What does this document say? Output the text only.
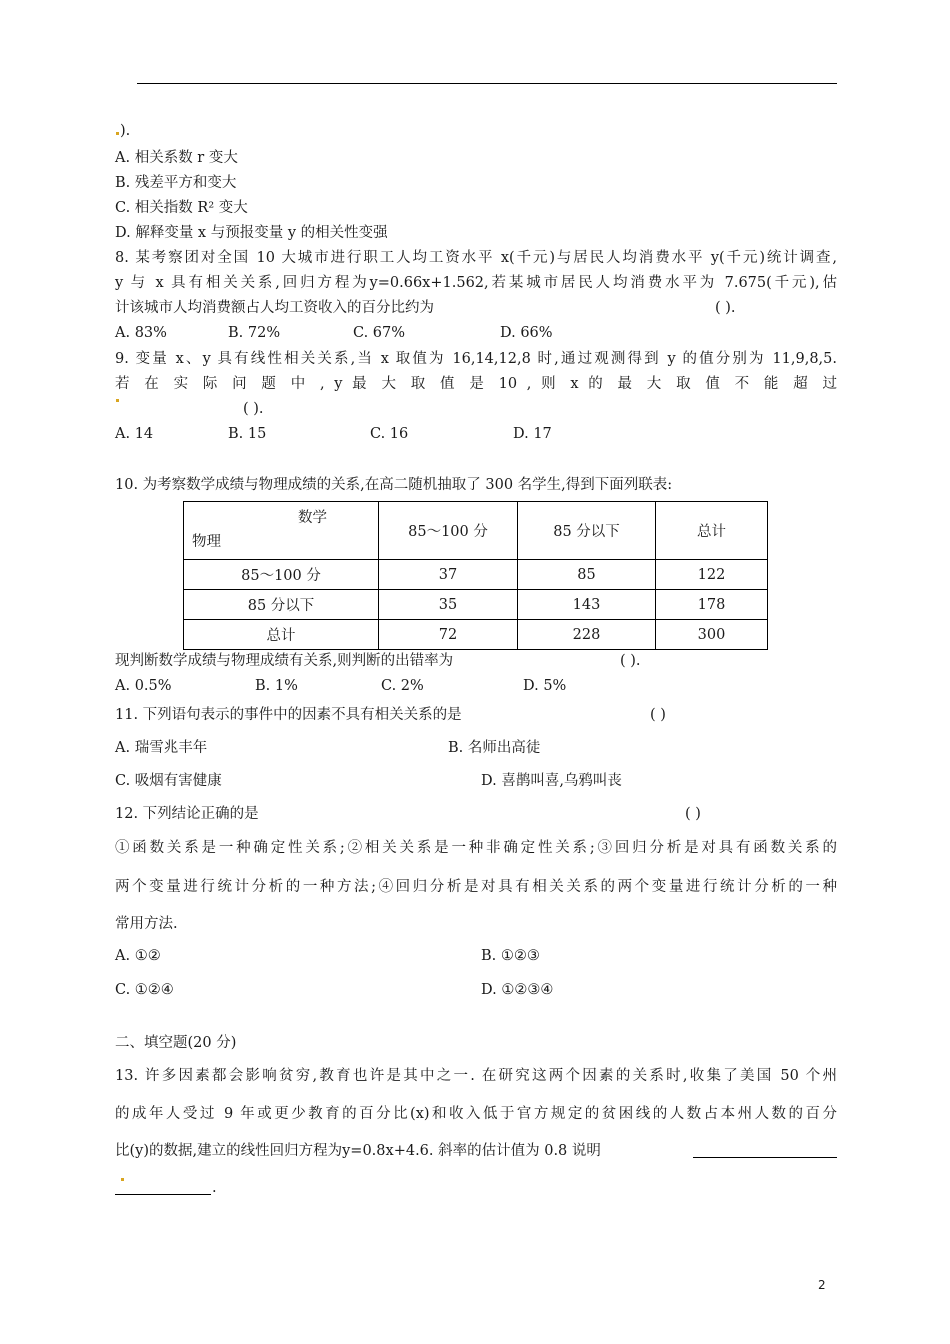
).
A. 相关系数 r 变大
B. 残差平方和变大
C. 相关指数 R² 变大
D. 解释变量 x 与预报变量 y 的相关性变强
8. 某考察团对全国 10 大城市进行职工人均工资水平 x(千元)与居民人均消费水平 y(千元)统计调查,
y 与 x 具有相关关系,回归方程为y=0.66x+1.562,若某城市居民人均消费水平为 7.675(千元),估
计该城市人均消费额占人均工资收入的百分比约为	( ).
A. 83%	B. 72%	C. 67%	D. 66%
9. 变量 x、y 具有线性相关关系,当 x 取值为 16,14,12,8 时,通过观测得到 y 的值分别为 11,9,8,5.
若 在 实 际 问 题 中 , y 最 大 取 值 是 10 , 则 x 的 最 大 取 值 不 能 超 过
( ).
A. 14	B. 15	C. 16	D. 17
10. 为考察数学成绩与物理成绩的关系,在高二随机抽取了 300 名学生,得到下面列联表:
数学
物理	85～100 分	85 分以下	总计
85～100 分	37	85	122
85 分以下	35	143	178
总计	72	228	300
现判断数学成绩与物理成绩有关系,则判断的出错率为	( ).
A. 0.5%	B. 1%	C. 2%	D. 5%
11. 下列语句表示的事件中的因素不具有相关关系的是	( )
A. 瑞雪兆丰年	B. 名师出高徒
C. 吸烟有害健康	D. 喜鹊叫喜,乌鸦叫丧
12. 下列结论正确的是	( )
①函数关系是一种确定性关系;②相关关系是一种非确定性关系;③回归分析是对具有函数关系的
两个变量进行统计分析的一种方法;④回归分析是对具有相关关系的两个变量进行统计分析的一种
常用方法.
A. ①②	B. ①②③
C. ①②④	D. ①②③④
二、填空题(20 分)
13. 许多因素都会影响贫穷,教育也许是其中之一. 在研究这两个因素的关系时,收集了美国 50 个州
的成年人受过 9 年或更少教育的百分比(x)和收入低于官方规定的贫困线的人数占本州人数的百分
比(y)的数据,建立的线性回归方程为y=0.8x+4.6. 斜率的估计值为 0.8 说明
.
2
